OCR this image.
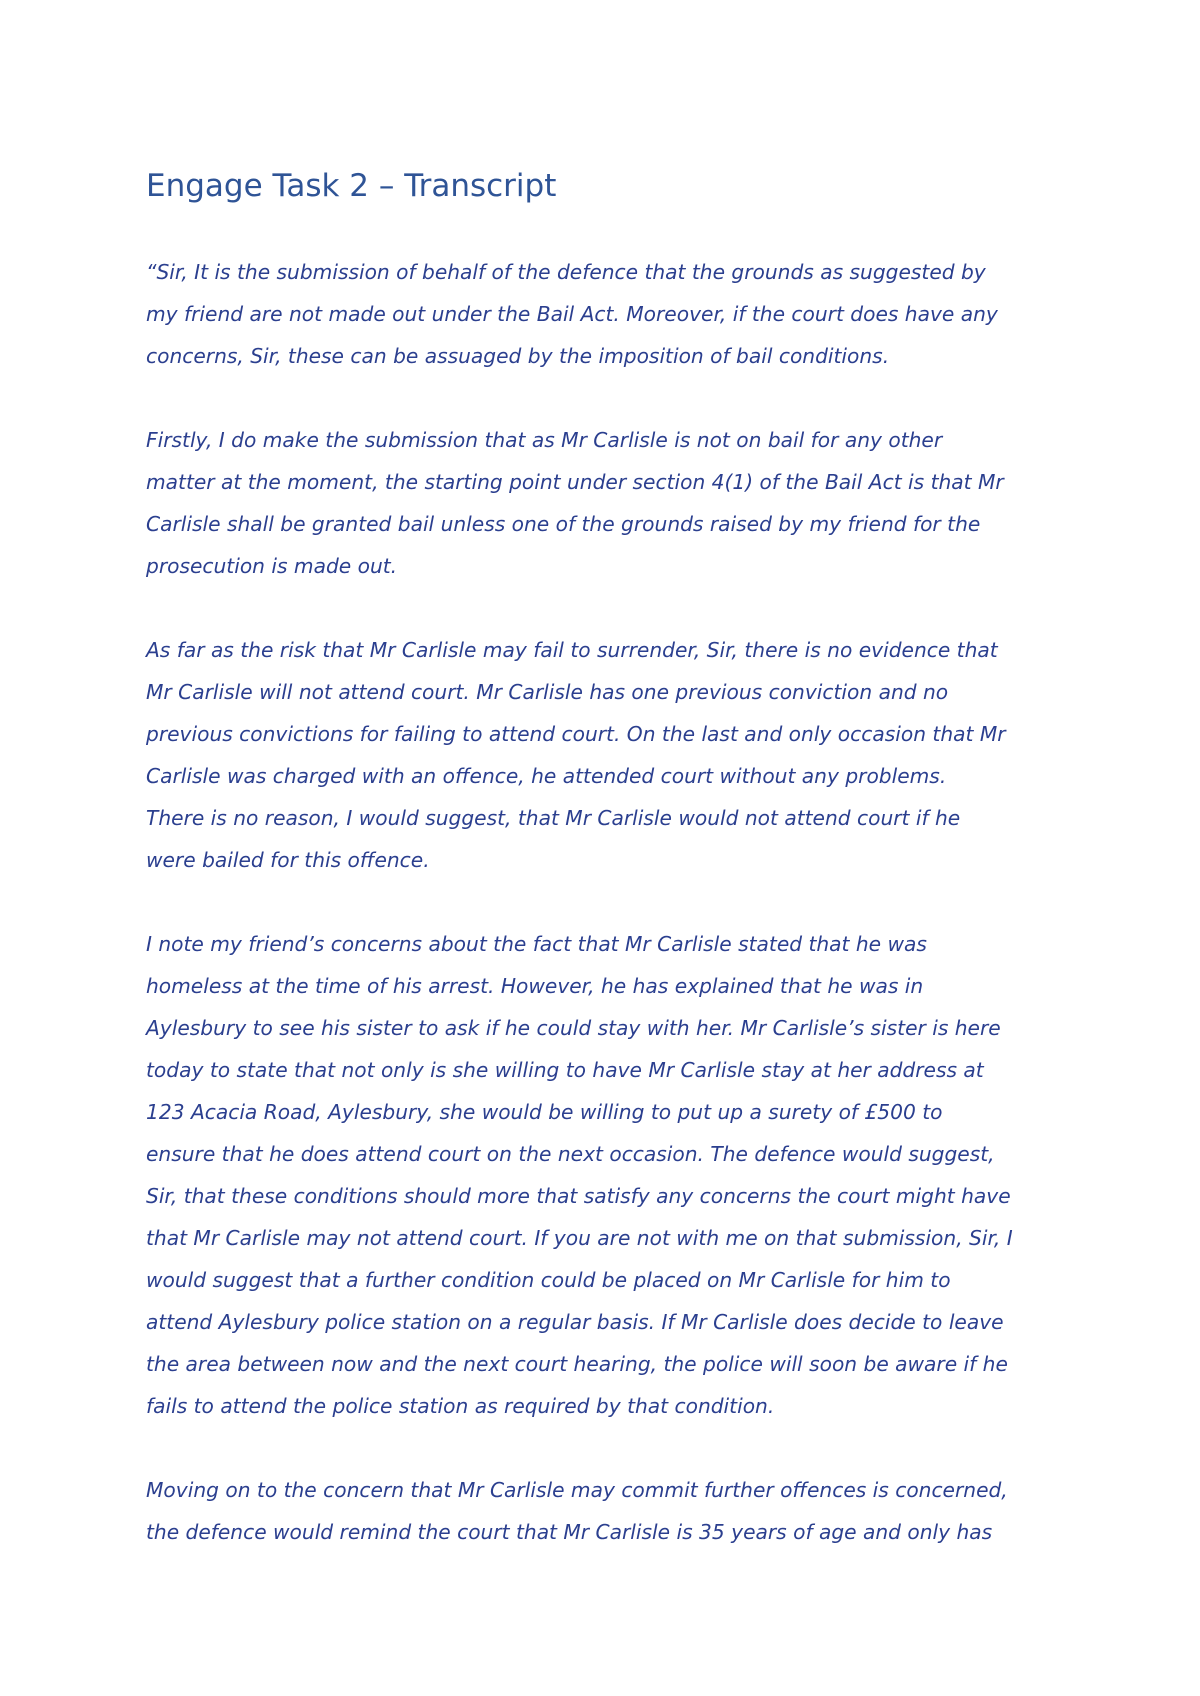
Engage Task 2 – Transcript

“Sir, It is the submission of behalf of the defence that the grounds as suggested by
my friend are not made out under the Bail Act. Moreover, if the court does have any
concerns, Sir, these can be assuaged by the imposition of bail conditions.

Firstly, I do make the submission that as Mr Carlisle is not on bail for any other
matter at the moment, the starting point under section 4(1) of the Bail Act is that Mr
Carlisle shall be granted bail unless one of the grounds raised by my friend for the
prosecution is made out.

As far as the risk that Mr Carlisle may fail to surrender, Sir, there is no evidence that
Mr Carlisle will not attend court. Mr Carlisle has one previous conviction and no
previous convictions for failing to attend court. On the last and only occasion that Mr
Carlisle was charged with an offence, he attended court without any problems.
There is no reason, I would suggest, that Mr Carlisle would not attend court if he
were bailed for this offence.

I note my friend’s concerns about the fact that Mr Carlisle stated that he was
homeless at the time of his arrest. However, he has explained that he was in
Aylesbury to see his sister to ask if he could stay with her. Mr Carlisle’s sister is here
today to state that not only is she willing to have Mr Carlisle stay at her address at
123 Acacia Road, Aylesbury, she would be willing to put up a surety of £500 to
ensure that he does attend court on the next occasion. The defence would suggest,
Sir, that these conditions should more that satisfy any concerns the court might have
that Mr Carlisle may not attend court. If you are not with me on that submission, Sir, I
would suggest that a further condition could be placed on Mr Carlisle for him to
attend Aylesbury police station on a regular basis. If Mr Carlisle does decide to leave
the area between now and the next court hearing, the police will soon be aware if he
fails to attend the police station as required by that condition.

Moving on to the concern that Mr Carlisle may commit further offences is concerned,
the defence would remind the court that Mr Carlisle is 35 years of age and only has
